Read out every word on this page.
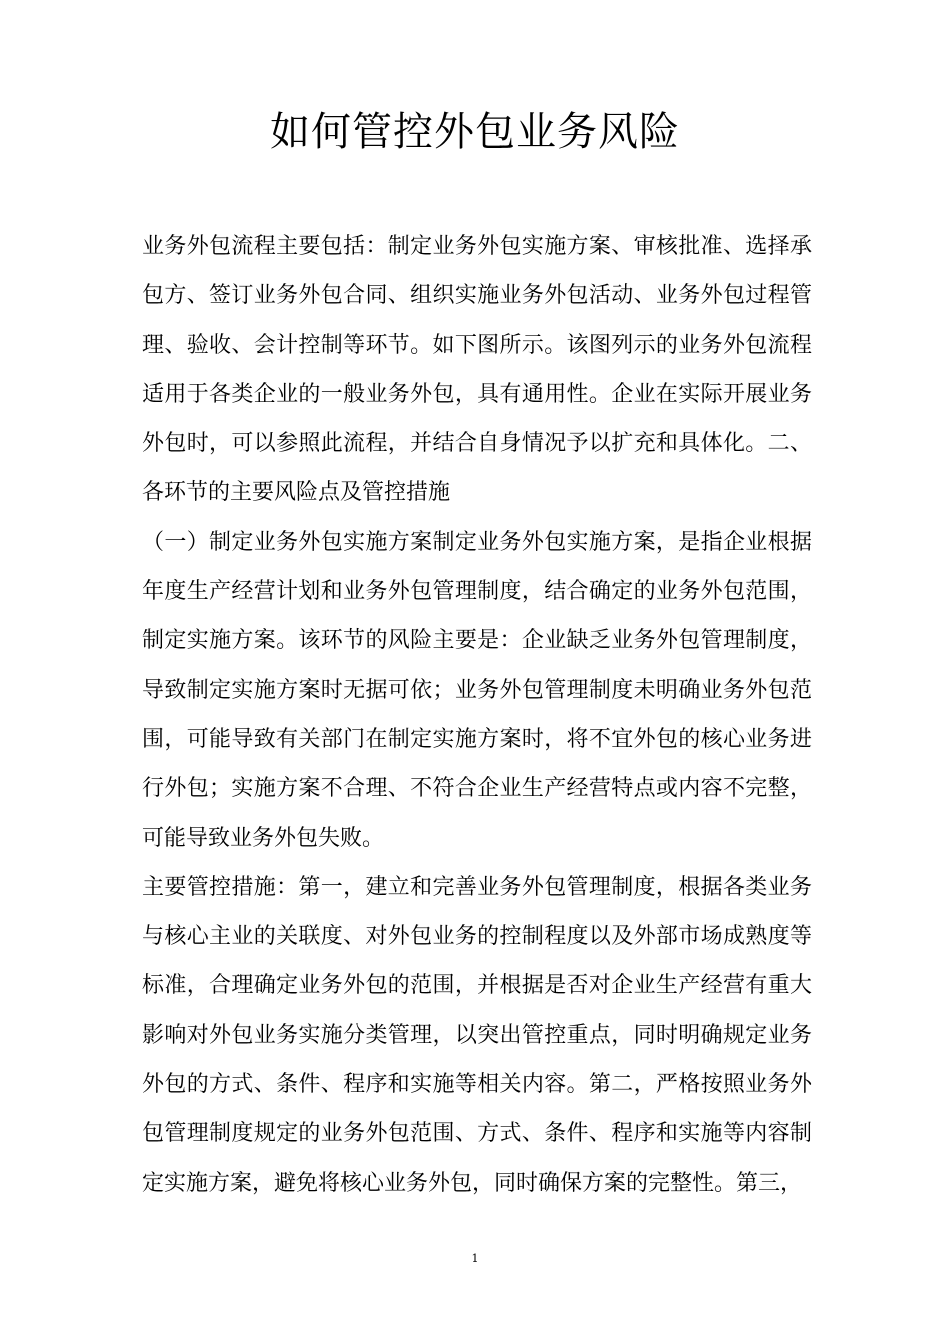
如何管控外包业务风险

业务外包流程主要包括：制定业务外包实施方案、审核批准、选择承包方、签订业务外包合同、组织实施业务外包活动、业务外包过程管理、验收、会计控制等环节。如下图所示。该图列示的业务外包流程适用于各类企业的一般业务外包，具有通用性。企业在实际开展业务外包时，可以参照此流程，并结合自身情况予以扩充和具体化。二、各环节的主要风险点及管控措施

（一）制定业务外包实施方案制定业务外包实施方案，是指企业根据年度生产经营计划和业务外包管理制度，结合确定的业务外包范围，制定实施方案。该环节的风险主要是：企业缺乏业务外包管理制度，导致制定实施方案时无据可依；业务外包管理制度未明确业务外包范围，可能导致有关部门在制定实施方案时，将不宜外包的核心业务进行外包；实施方案不合理、不符合企业生产经营特点或内容不完整，可能导致业务外包失败。

主要管控措施：第一，建立和完善业务外包管理制度，根据各类业务与核心主业的关联度、对外包业务的控制程度以及外部市场成熟度等标准，合理确定业务外包的范围，并根据是否对企业生产经营有重大影响对外包业务实施分类管理，以突出管控重点，同时明确规定业务外包的方式、条件、程序和实施等相关内容。第二，严格按照业务外包管理制度规定的业务外包范围、方式、条件、程序和实施等内容制定实施方案，避免将核心业务外包，同时确保方案的完整性。第三，

1
